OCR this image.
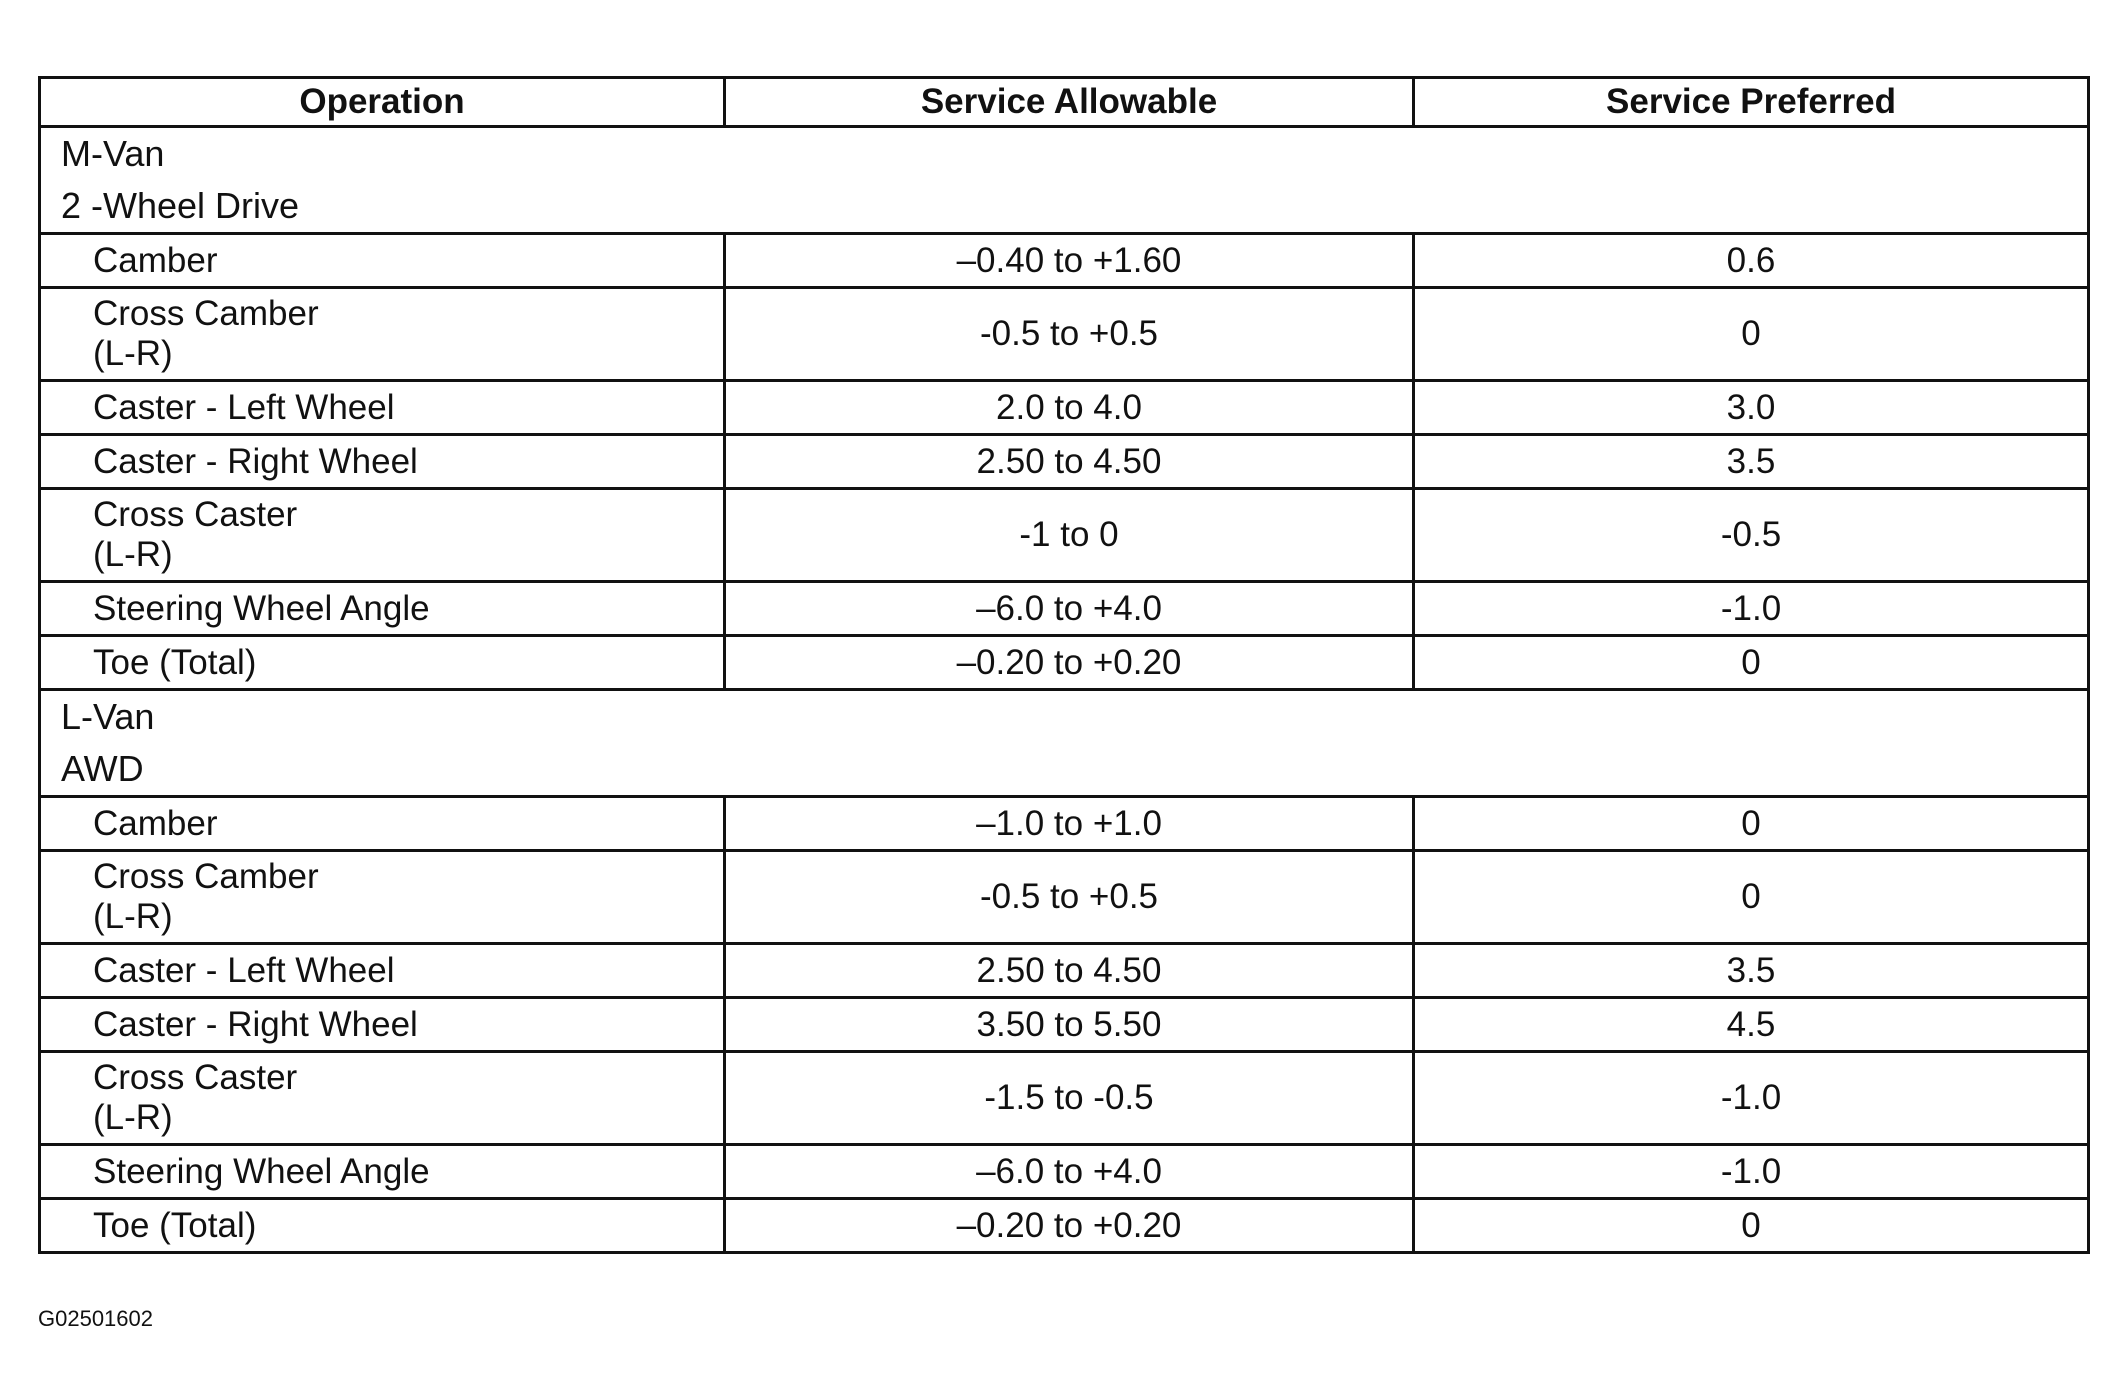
Operation	Service Allowable	Service Preferred

M-Van
2 -Wheel Drive		

Camber	–0.40 to +1.60	0.6

Cross Camber
(L-R)	-0.5 to +0.5	0

Caster - Left Wheel	2.0 to 4.0	3.0

Caster - Right Wheel	2.50 to 4.50	3.5

Cross Caster
(L-R)	-1 to 0	-0.5

Steering Wheel Angle	–6.0 to +4.0	-1.0

Toe (Total)	–0.20 to +0.20	0

L-Van
AWD		

Camber	–1.0 to +1.0	0

Cross Camber
(L-R)	-0.5 to +0.5	0

Caster - Left Wheel	2.50 to 4.50	3.5

Caster - Right Wheel	3.50 to 5.50	4.5

Cross Caster
(L-R)	-1.5 to -0.5	-1.0

Steering Wheel Angle	–6.0 to +4.0	-1.0

Toe (Total)	–0.20 to +0.20	0
G02501602
